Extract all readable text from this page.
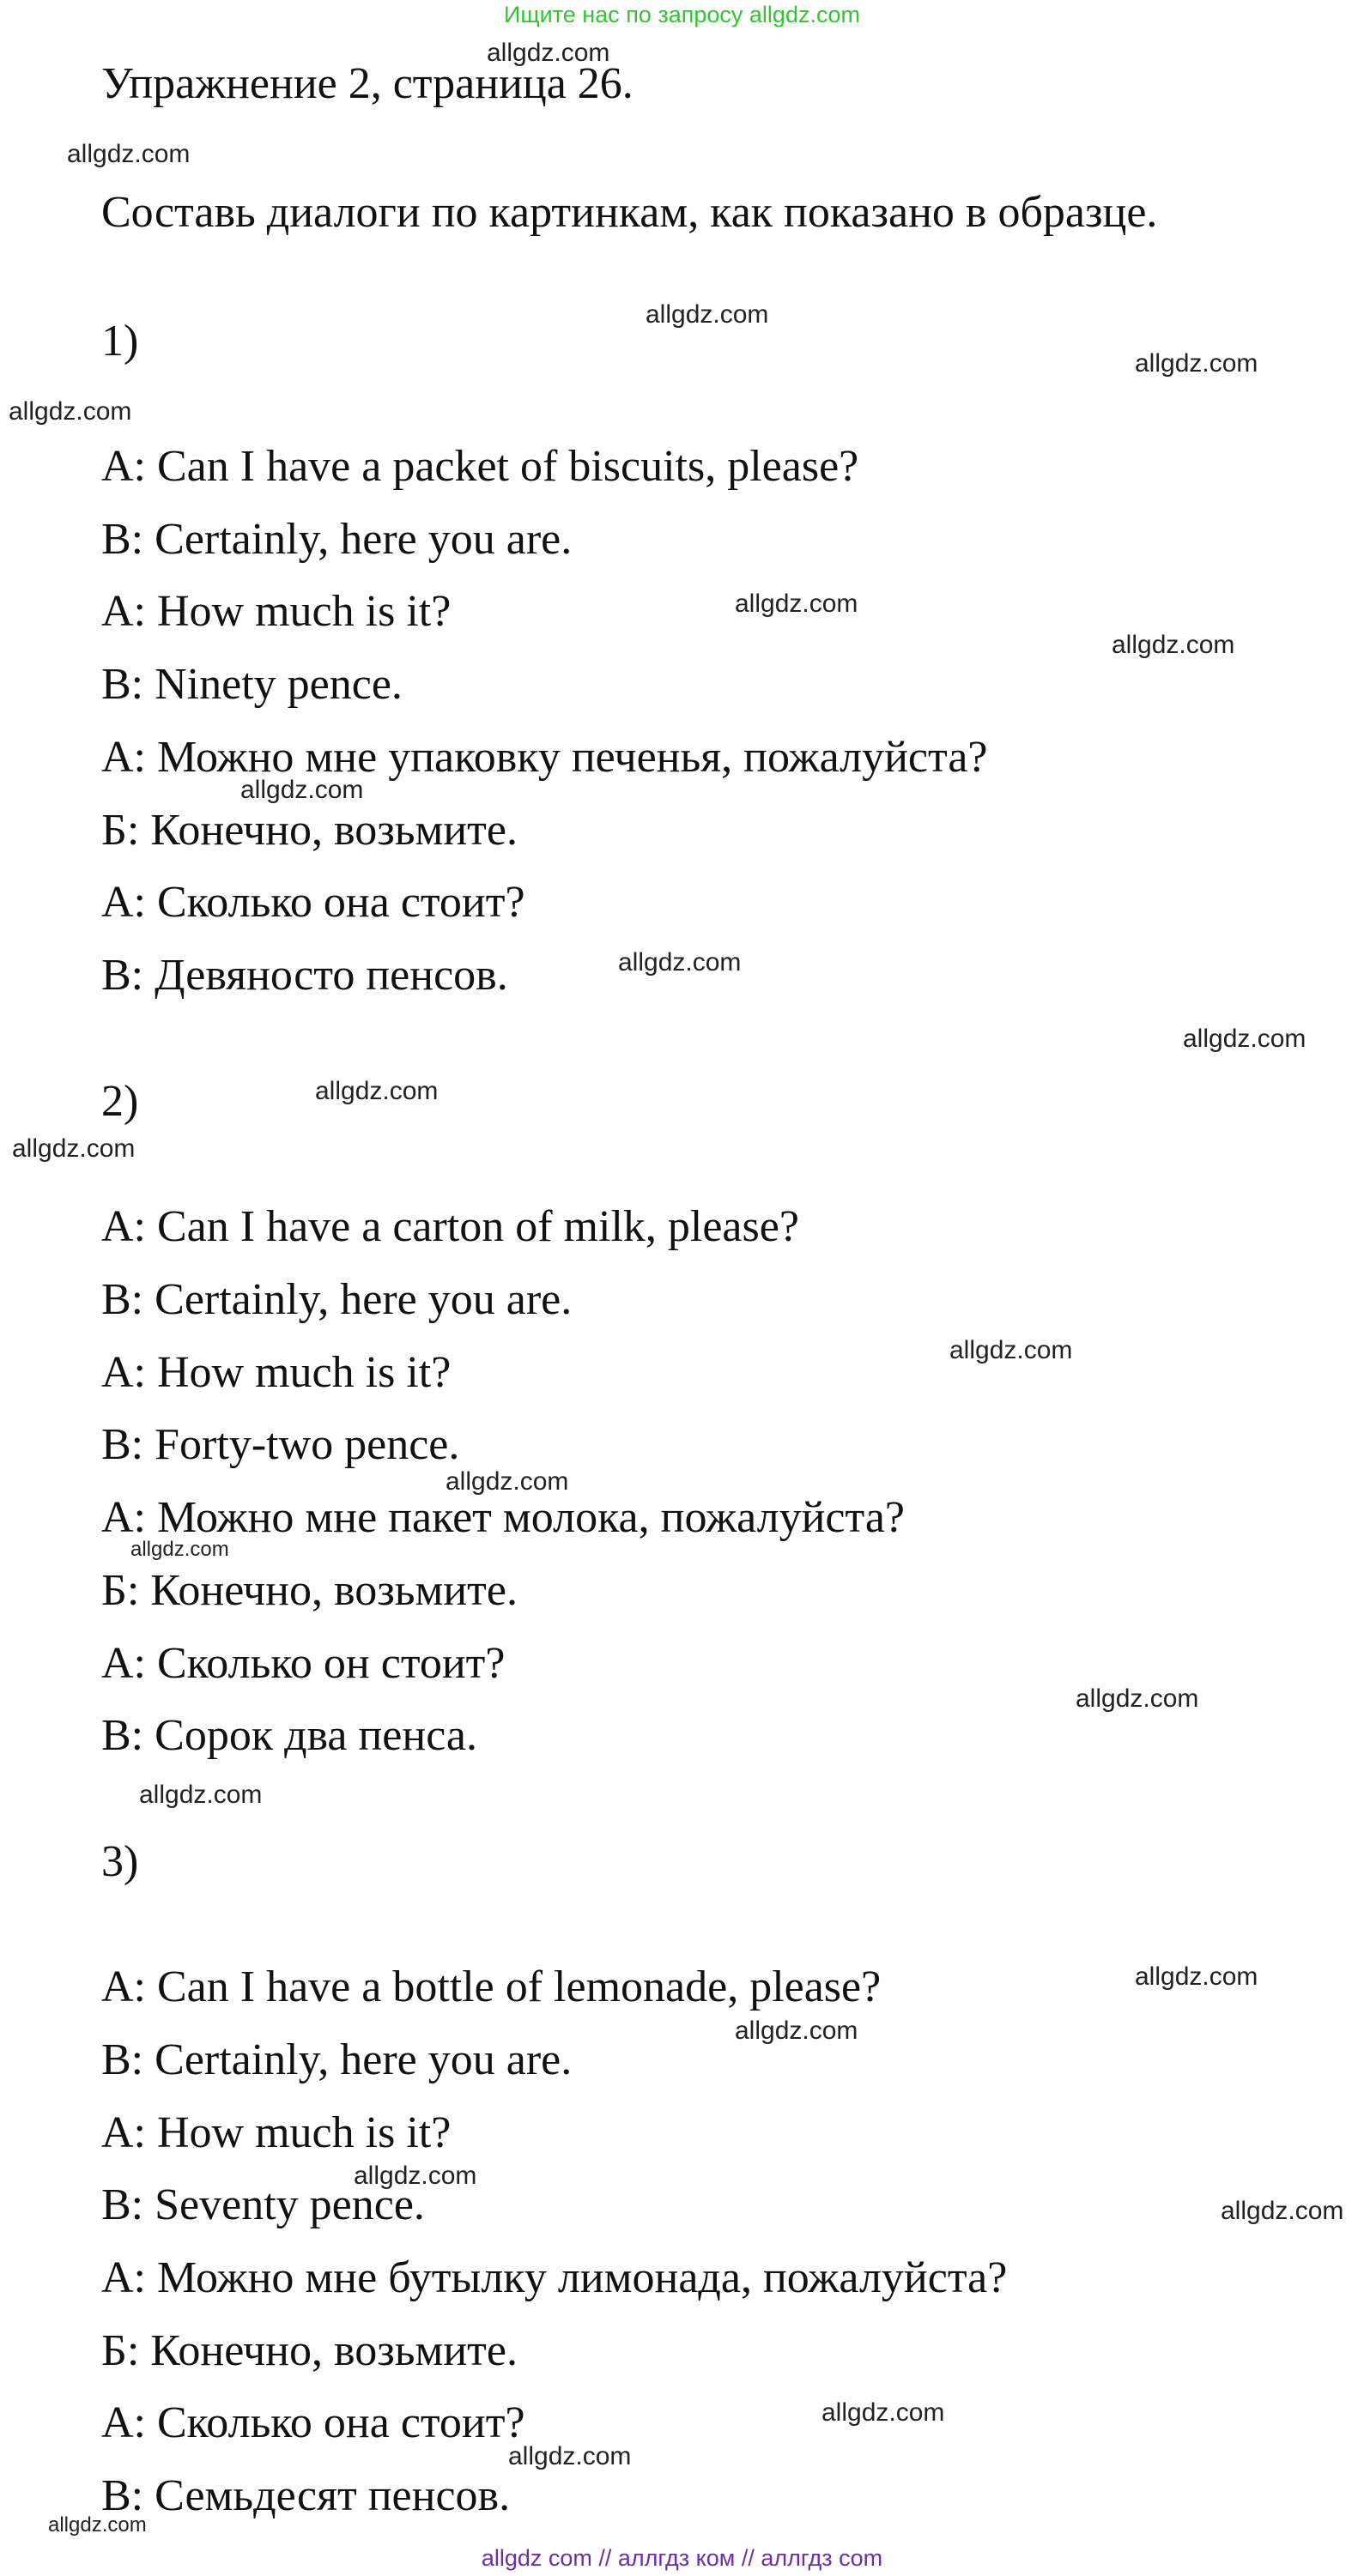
Ищите нас по запросу allgdz.com
Упражнение 2, страница 26.
Составь диалоги по картинкам, как показано в образце.
1)
A: Can I have a packet of biscuits, please?
B: Certainly, here you are.
A: How much is it?
B: Ninety pence.
А: Можно мне упаковку печенья, пожалуйста?
Б: Конечно, возьмите.
А: Сколько она стоит?
В: Девяносто пенсов.
2)
A: Can I have a carton of milk, please?
B: Certainly, here you are.
A: How much is it?
B: Forty-two pence.
А: Можно мне пакет молока, пожалуйста?
Б: Конечно, возьмите.
А: Сколько он стоит?
В: Сорок два пенса.
3)
A: Can I have a bottle of lemonade, please?
B: Certainly, here you are.
A: How much is it?
B: Seventy pence.
А: Можно мне бутылку лимонада, пожалуйста?
Б: Конечно, возьмите.
А: Сколько она стоит?
В: Семьдесят пенсов.
allgdz.com
allgdz.com
allgdz.com
allgdz.com
allgdz.com
allgdz.com
allgdz.com
allgdz.com
allgdz.com
allgdz.com
allgdz.com
allgdz.com
allgdz.com
allgdz.com
allgdz.com
allgdz.com
allgdz.com
allgdz.com
allgdz.com
allgdz.com
allgdz.com
allgdz.com
allgdz.com
allgdz.com
allgdz com // аллгдз ком // аллгдз com
